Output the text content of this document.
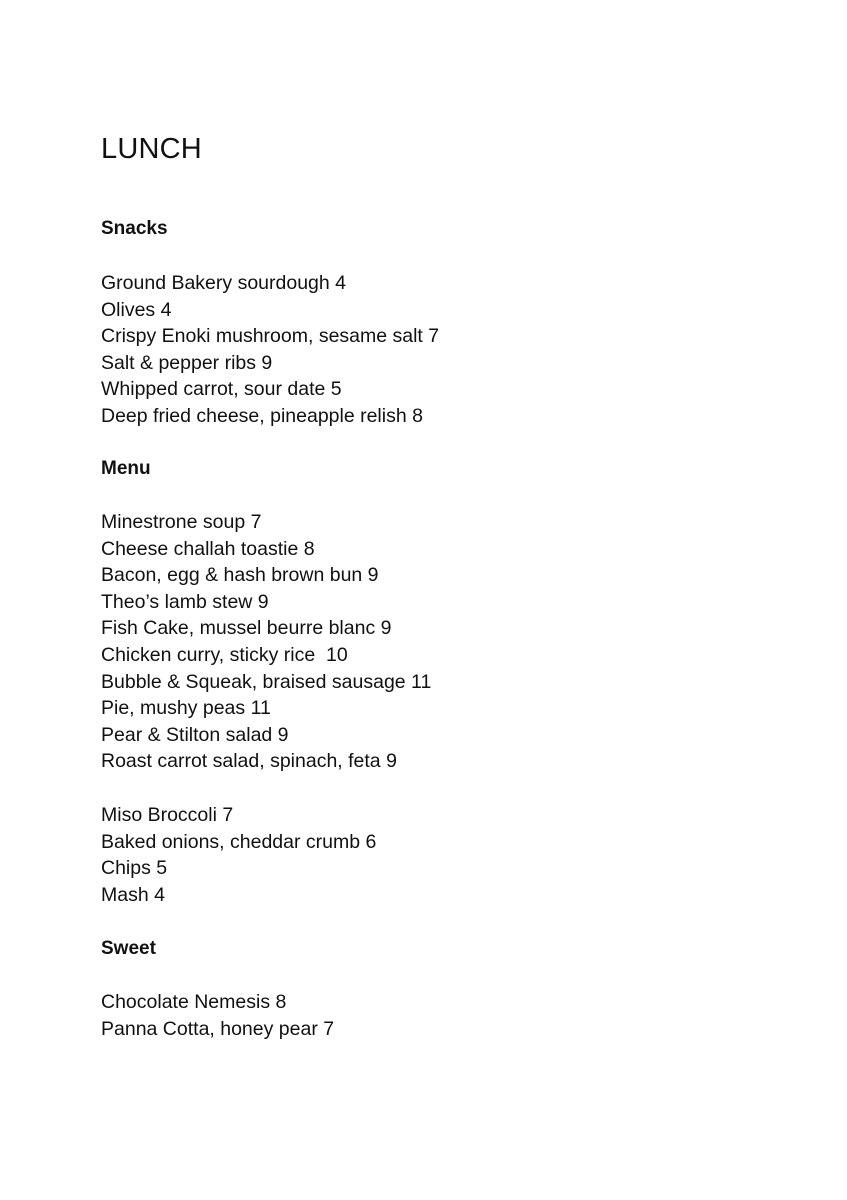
LUNCH
Snacks
Ground Bakery sourdough 4
Olives 4
Crispy Enoki mushroom, sesame salt 7
Salt & pepper ribs 9
Whipped carrot, sour date 5
Deep fried cheese, pineapple relish 8
Menu
Minestrone soup 7
Cheese challah toastie 8
Bacon, egg & hash brown bun 9
Theo’s lamb stew 9
Fish Cake, mussel beurre blanc 9
Chicken curry, sticky rice  10
Bubble & Squeak, braised sausage 11
Pie, mushy peas 11
Pear & Stilton salad 9
Roast carrot salad, spinach, feta 9
Miso Broccoli 7
Baked onions, cheddar crumb 6
Chips 5
Mash 4
Sweet
Chocolate Nemesis 8
Panna Cotta, honey pear 7
